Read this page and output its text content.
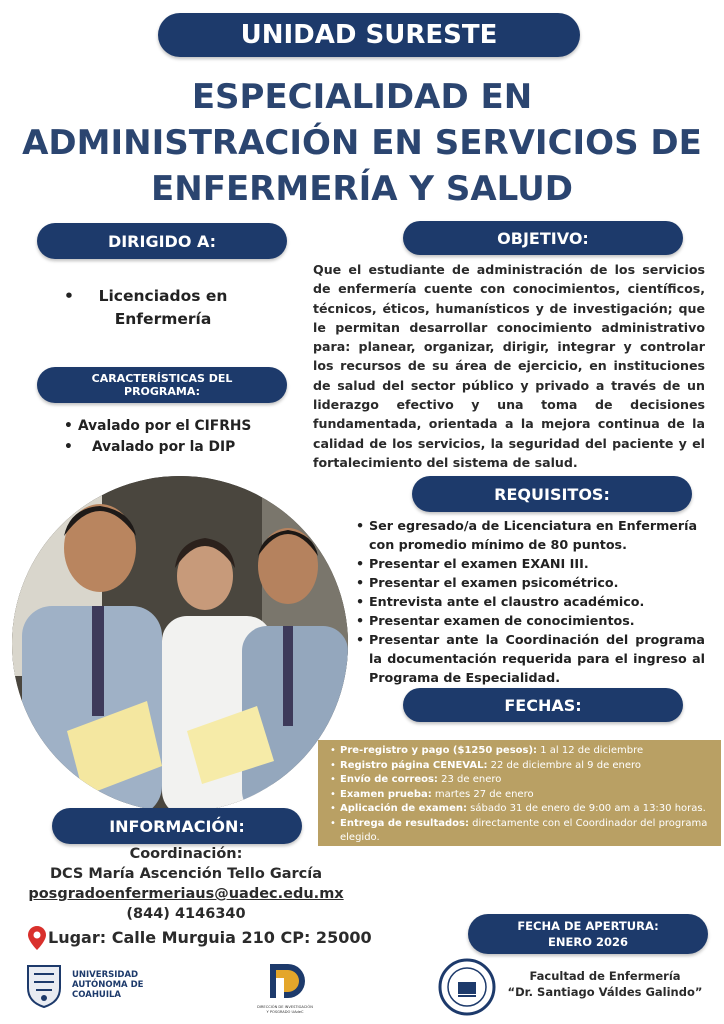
UNIDAD SURESTE
ESPECIALIDAD EN
ADMINISTRACIÓN EN SERVICIOS DE
ENFERMERÍA Y SALUD
DIRIGIDO A:
•	Licenciados en Enfermería
CARACTERÍSTICAS DEL
PROGRAMA:
• Avalado por el CIFRHS
• Avalado por la DIP
OBJETIVO:

Que el estudiante de administración de los servicios de enfermería cuente con conocimientos, científicos, técnicos, éticos, humanísticos y de investigación; que le permitan desarrollar conocimiento administrativo para: planear, organizar, dirigir, integrar y controlar los recursos de su área de ejercicio, en instituciones de salud del sector público y privado a través de un liderazgo efectivo y una toma de decisiones fundamentada, orientada a la mejora continua de la calidad de los servicios, la seguridad del paciente y el fortalecimiento del sistema de salud.

REQUISITOS:
• Ser egresado/a de Licenciatura en Enfermería con promedio mínimo de 80 puntos.
• Presentar el examen EXANI III.
• Presentar el examen psicométrico.
• Entrevista ante el claustro académico.
• Presentar examen de conocimientos.
• Presentar ante la Coordinación del programa la documentación requerida para el ingreso al Programa de Especialidad.
FECHAS:
• Pre-registro y pago ($1250 pesos): 1 al 12 de diciembre
• Registro página CENEVAL: 22 de diciembre al 9 de enero
• Envío de correos: 23 de enero
• Examen prueba: martes 27 de enero
• Aplicación de examen: sábado 31 de enero de 9:00 am a 13:30 horas.
• Entrega de resultados: directamente con el Coordinador del programa elegido.
INFORMACIÓN:
Coordinación:
DCS María Ascención Tello García
posgradoenfermeriaus@uadec.edu.mx
(844) 4146340
Lugar: Calle Murguia 210 CP: 25000
FECHA DE APERTURA:
ENERO 2026
UNIVERSIDAD
AUTÓNOMA DE
COAHUILA
DIRECCIÓN DE INVESTIGACIÓN
Y POSGRADO UAdeC
Facultad de Enfermería
“Dr. Santiago Váldes Galindo”
